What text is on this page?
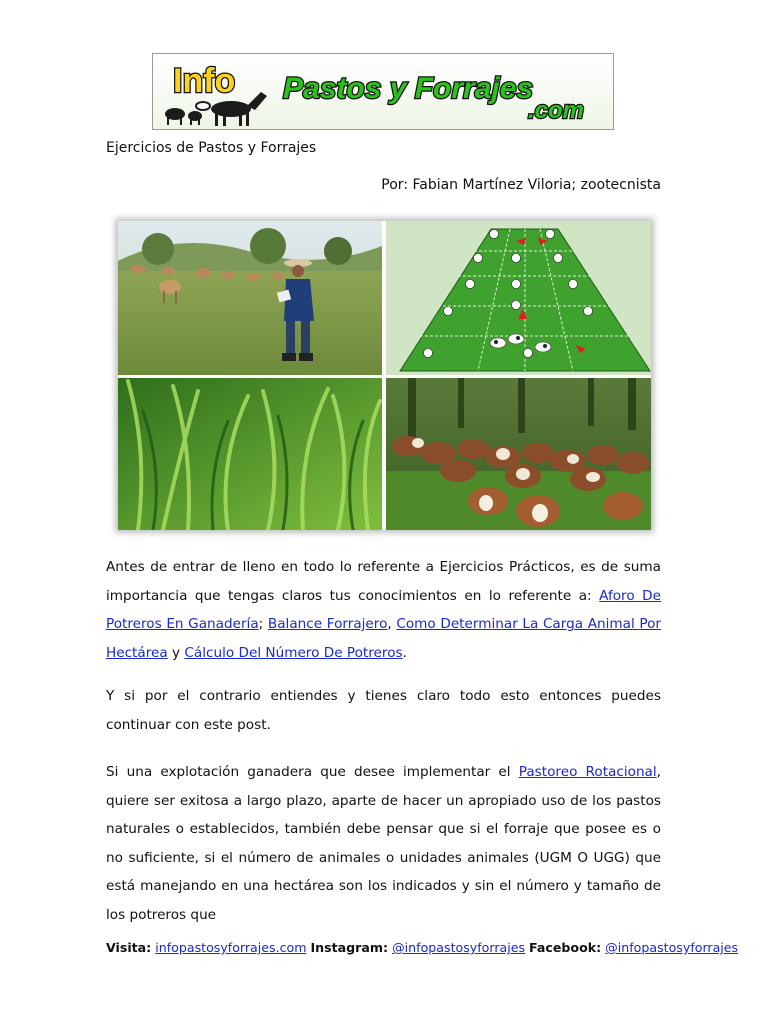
Info Pastos y Forrajes
.com
Ejercicios de Pastos y Forrajes
Por: Fabian Martínez Viloria; zootecnista

Antes de entrar de lleno en todo lo referente a Ejercicios Prácticos, es de suma importancia que tengas claros tus conocimientos en lo referente a: Aforo De Potreros En Ganadería; Balance Forrajero, Como Determinar La Carga Animal Por Hectárea y Cálculo Del Número De Potreros.

Y si por el contrario entiendes y tienes claro todo esto entonces puedes continuar con este post.

Si una explotación ganadera que desee implementar el Pastoreo Rotacional, quiere ser exitosa a largo plazo, aparte de hacer un apropiado uso de los pastos naturales o establecidos, también debe pensar que si el forraje que posee es o no suficiente, si el número de animales o unidades animales (UGM O UGG) que está manejando en una hectárea son los indicados y sin el número y tamaño de los potreros que

Visita: infopastosyforrajes.com Instagram: @infopastosyforrajes Facebook: @infopastosyforrajes
